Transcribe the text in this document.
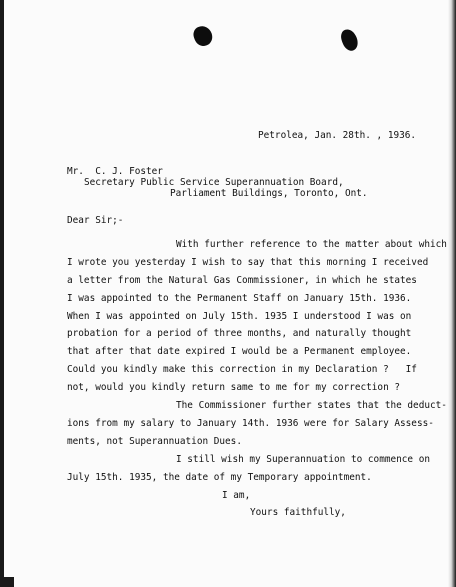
Petrolea, Jan. 28th. , 1936.
Mr.  C. J. Foster
Secretary Public Service Superannuation Board,
Parliament Buildings, Toronto, Ont.
Dear Sir;-
With further reference to the matter about which
I wrote you yesterday I wish to say that this morning I received
a letter from the Natural Gas Commissioner, in which he states
I was appointed to the Permanent Staff on January 15th. 1936.
When I was appointed on July 15th. 1935 I understood I was on
probation for a period of three months, and naturally thought
that after that date expired I would be a Permanent employee.
Could you kindly make this correction in my Declaration ?   If
not, would you kindly return same to me for my correction ?
The Commissioner further states that the deduct-
ions from my salary to January 14th. 1936 were for Salary Assess-
ments, not Superannuation Dues.
I still wish my Superannuation to commence on
July 15th. 1935, the date of my Temporary appointment.
I am,
Yours faithfully,
